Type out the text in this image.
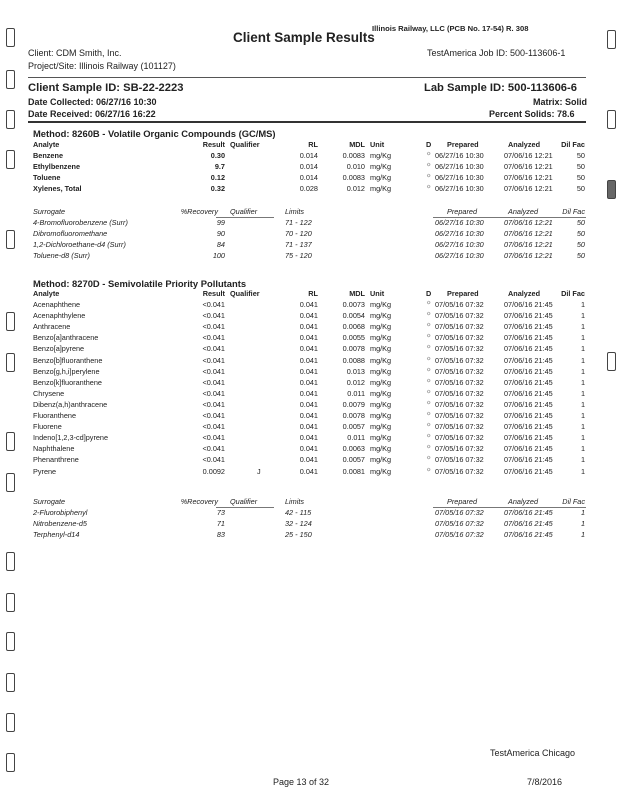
Illinois Railway, LLC (PCB No. 17-54) R. 308
Client Sample Results
Client: CDM Smith, Inc.	TestAmerica Job ID: 500-113606-1
Project/Site: Illinois Railway (101127)
Client Sample ID: SB-22-2223	Lab Sample ID: 500-113606-6
Date Collected: 06/27/16 10:30	Matrix: Solid
Date Received: 06/27/16 16:22	Percent Solids: 78.6
Method: 8260B - Volatile Organic Compounds (GC/MS)
Analyte	Result Qualifier	RL	MDL Unit	D Prepared	Analyzed	Dil Fac
Benzene	0.30	0.014	0.0083 mg/Kg	☼ 06/27/16 10:30	07/06/16 12:21	50
Ethylbenzene	9.7	0.014	0.010 mg/Kg	☼ 06/27/16 10:30	07/06/16 12:21	50
Toluene	0.12	0.014	0.0083 mg/Kg	☼ 06/27/16 10:30	07/06/16 12:21	50
Xylenes, Total	0.32	0.028	0.012 mg/Kg	☼ 06/27/16 10:30	07/06/16 12:21	50
Surrogate	%Recovery Qualifier	Limits	Prepared	Analyzed	Dil Fac
4-Bromofluorobenzene (Surr)	99	71 - 122	06/27/16 10:30	07/06/16 12:21	50
Dibromofluoromethane	90	70 - 120	06/27/16 10:30	07/06/16 12:21	50
1,2-Dichloroethane-d4 (Surr)	84	71 - 137	06/27/16 10:30	07/06/16 12:21	50
Toluene-d8 (Surr)	100	75 - 120	06/27/16 10:30	07/06/16 12:21	50
Method: 8270D - Semivolatile Priority Pollutants
Analyte	Result Qualifier	RL	MDL Unit	D Prepared	Analyzed	Dil Fac
Acenaphthene	<0.041	0.041	0.0073 mg/Kg	☼ 07/05/16 07:32	07/06/16 21:45	1
Acenaphthylene	<0.041	0.041	0.0054 mg/Kg	☼ 07/05/16 07:32	07/06/16 21:45	1
Anthracene	<0.041	0.041	0.0068 mg/Kg	☼ 07/05/16 07:32	07/06/16 21:45	1
Benzo[a]anthracene	<0.041	0.041	0.0055 mg/Kg	☼ 07/05/16 07:32	07/06/16 21:45	1
Benzo[a]pyrene	<0.041	0.041	0.0078 mg/Kg	☼ 07/05/16 07:32	07/06/16 21:45	1
Benzo[b]fluoranthene	<0.041	0.041	0.0088 mg/Kg	☼ 07/05/16 07:32	07/06/16 21:45	1
Benzo[g,h,i]perylene	<0.041	0.041	0.013 mg/Kg	☼ 07/05/16 07:32	07/06/16 21:45	1
Benzo[k]fluoranthene	<0.041	0.041	0.012 mg/Kg	☼ 07/05/16 07:32	07/06/16 21:45	1
Chrysene	<0.041	0.041	0.011 mg/Kg	☼ 07/05/16 07:32	07/06/16 21:45	1
Dibenz(a,h)anthracene	<0.041	0.041	0.0079 mg/Kg	☼ 07/05/16 07:32	07/06/16 21:45	1
Fluoranthene	<0.041	0.041	0.0078 mg/Kg	☼ 07/05/16 07:32	07/06/16 21:45	1
Fluorene	<0.041	0.041	0.0057 mg/Kg	☼ 07/05/16 07:32	07/06/16 21:45	1
Indeno[1,2,3-cd]pyrene	<0.041	0.041	0.011 mg/Kg	☼ 07/05/16 07:32	07/06/16 21:45	1
Naphthalene	<0.041	0.041	0.0063 mg/Kg	☼ 07/05/16 07:32	07/06/16 21:45	1
Phenanthrene	<0.041	0.041	0.0057 mg/Kg	☼ 07/05/16 07:32	07/06/16 21:45	1
Pyrene	0.0092	J	0.041	0.0081 mg/Kg	☼ 07/05/16 07:32	07/06/16 21:45	1
Surrogate	%Recovery Qualifier	Limits	Prepared	Analyzed	Dil Fac
2-Fluorobiphenyl	73	42 - 115	07/05/16 07:32	07/06/16 21:45	1
Nitrobenzene-d5	71	32 - 124	07/05/16 07:32	07/06/16 21:45	1
Terphenyl-d14	83	25 - 150	07/05/16 07:32	07/06/16 21:45	1
TestAmerica Chicago
Page 13 of 32	7/8/2016
